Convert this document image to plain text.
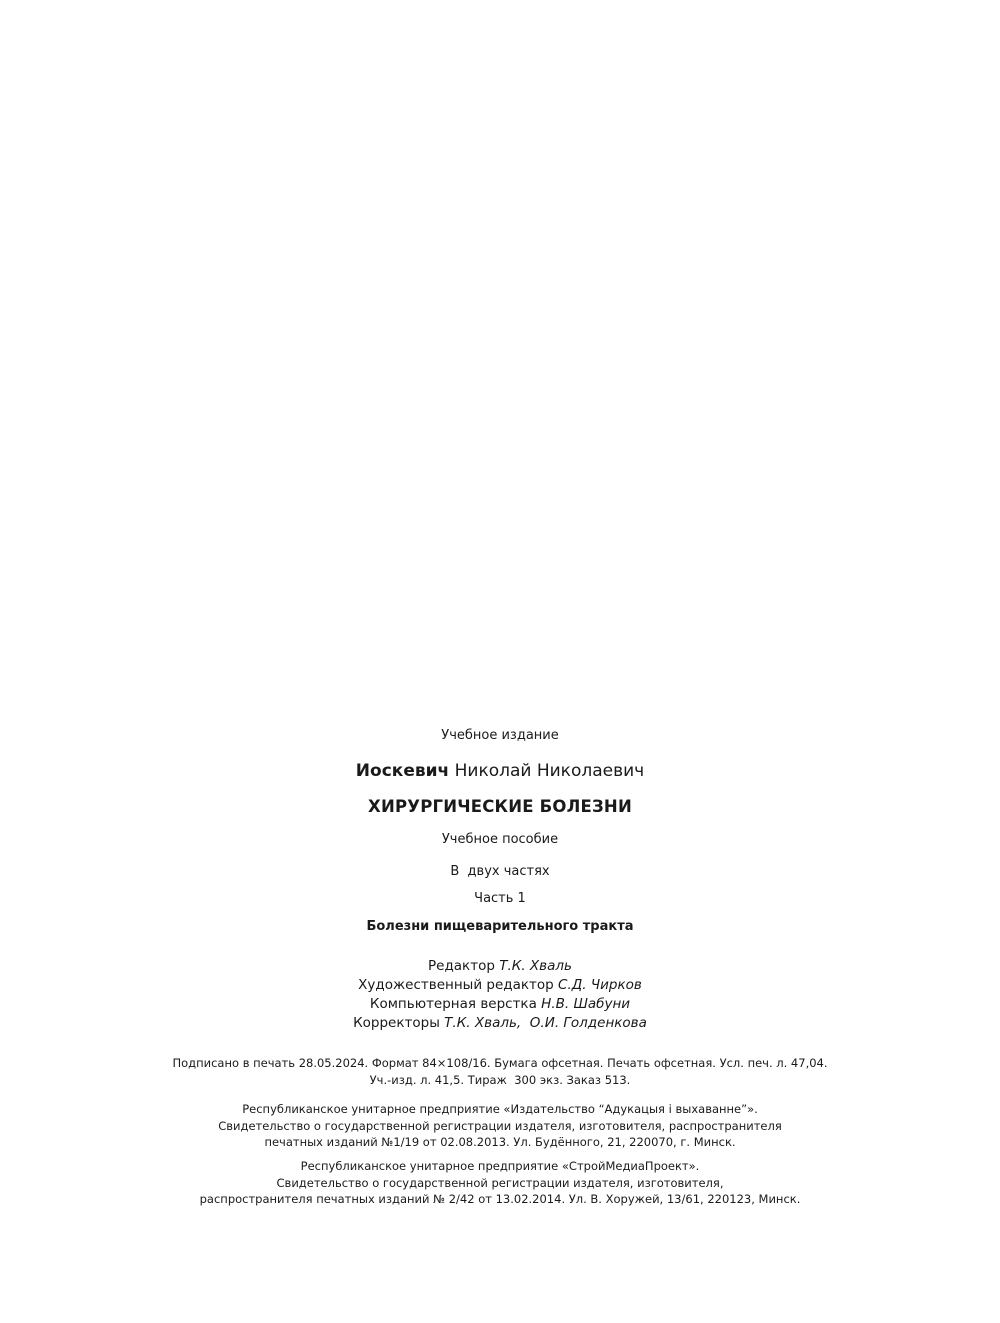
Учебное издание
Иоскевич Николай Николаевич
ХИРУРГИЧЕСКИЕ БОЛЕЗНИ
Учебное пособие
В  двух частях
Часть 1
Болезни пищеварительного тракта
Редактор Т.К. Хваль
Художественный редактор С.Д. Чирков
Компьютерная верстка Н.В. Шабуни
Корректоры Т.К. Хваль,  О.И. Голденкова
Подписано в печать 28.05.2024. Формат 84×108/16. Бумага офсетная. Печать офсетная. Усл. печ. л. 47,04.
Уч.-изд. л. 41,5. Тираж  300 экз. Заказ 513.
Республиканское унитарное предприятие «Издательство “Адукацыя і выхаванне”».
Свидетельство о государственной регистрации издателя, изготовителя, распространителя
печатных изданий №1/19 от 02.08.2013. Ул. Будённого, 21, 220070, г. Минск.
Республиканское унитарное предприятие «СтройМедиаПроект».
Свидетельство о государственной регистрации издателя, изготовителя,
распространителя печатных изданий № 2/42 от 13.02.2014. Ул. В. Хоружей, 13/61, 220123, Минск.
